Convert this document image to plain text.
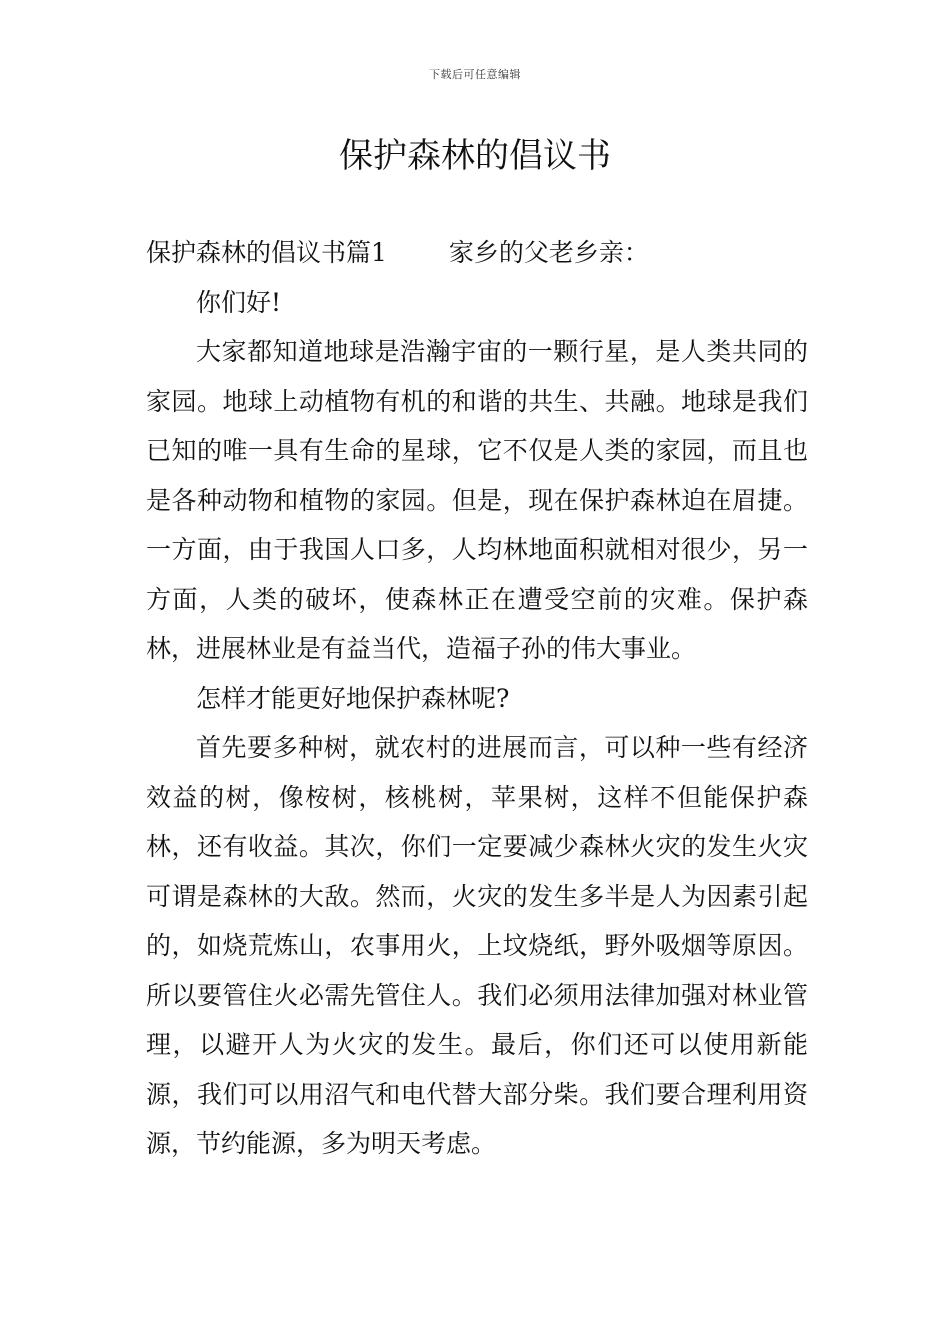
下载后可任意编辑
保护森林的倡议书

保护森林的倡议书篇1 家乡的父老乡亲：

你们好!

大家都知道地球是浩瀚宇宙的一颗行星，是人类共同的家园。地球上动植物有机的和谐的共生、共融。地球是我们已知的唯一具有生命的星球，它不仅是人类的家园，而且也是各种动物和植物的家园。但是，现在保护森林迫在眉捷。一方面，由于我国人口多，人均林地面积就相对很少，另一方面，人类的破坏，使森林正在遭受空前的灾难。保护森林，进展林业是有益当代，造福子孙的伟大事业。

怎样才能更好地保护森林呢?

首先要多种树，就农村的进展而言，可以种一些有经济效益的树，像桉树，核桃树，苹果树，这样不但能保护森林，还有收益。其次，你们一定要减少森林火灾的发生火灾可谓是森林的大敌。然而，火灾的发生多半是人为因素引起的，如烧荒炼山，农事用火，上坟烧纸，野外吸烟等原因。所以要管住火必需先管住人。我们必须用法律加强对林业管理，以避开人为火灾的发生。最后，你们还可以使用新能源，我们可以用沼气和电代替大部分柴。我们要合理利用资源，节约能源，多为明天考虑。
